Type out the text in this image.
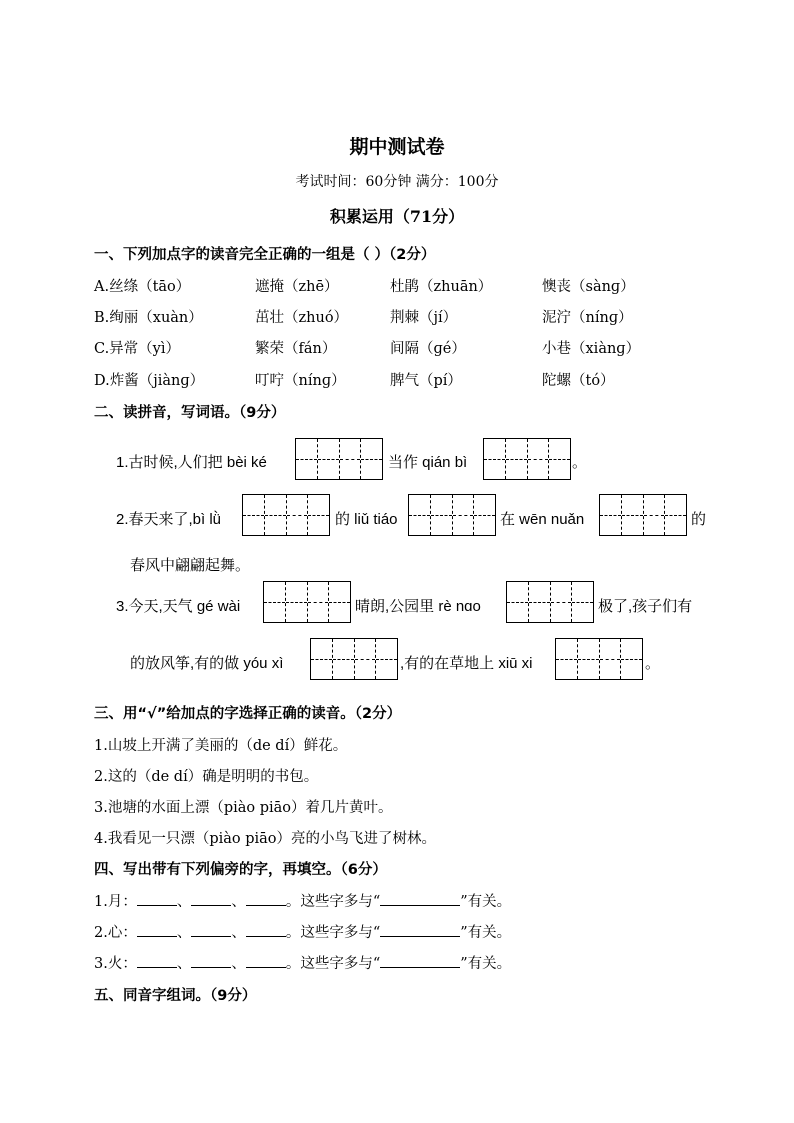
期中测试卷
考试时间：60分钟 满分：100分
积累运用（71分）
一、下列加点字的读音完全正确的一组是（ ）（2分）
A.丝绦（tāo）	遮掩（zhē）	杜鹃（zhuān）	懊丧（sànɡ）
B.绚丽（xuàn）	茁壮（zhuó）	荆棘（jí）	泥泞（nínɡ）
C.异常（yì）	繁荣（fán）	间隔（ɡé）	小巷（xiànɡ）
D.炸酱（jiànɡ）	叮咛（nínɡ）	脾气（pí）	陀螺（tó）
二、读拼音，写词语。（9分）
1.古时候,人们把 bèi ké	当作 qián bì	。
2.春天来了,bì lǜ	的 liǔ tiáo	在 wēn nuǎn	的
春风中翩翩起舞。
3.今天,天气 ɡé wài	晴朗,公园里 rè nɑo	极了,孩子们有
的放风筝,有的做 yóu xì	,有的在草地上 xiū xi	。
三、用“√”给加点的字选择正确的读音。（2分）
1.山坡上开满了美丽的（de dí）鲜花。
2.这的（de dí）确是明明的书包。
3.池塘的水面上漂（piào piāo）着几片黄叶。
4.我看见一只漂（piào piāo）亮的小鸟飞进了树林。
四、写出带有下列偏旁的字，再填空。（6分）
1.月：	、	、	。这些字多与“	”有关。
2.心：	、	、	。这些字多与“	”有关。
3.火：	、	、	。这些字多与“	”有关。
五、同音字组词。（9分）
